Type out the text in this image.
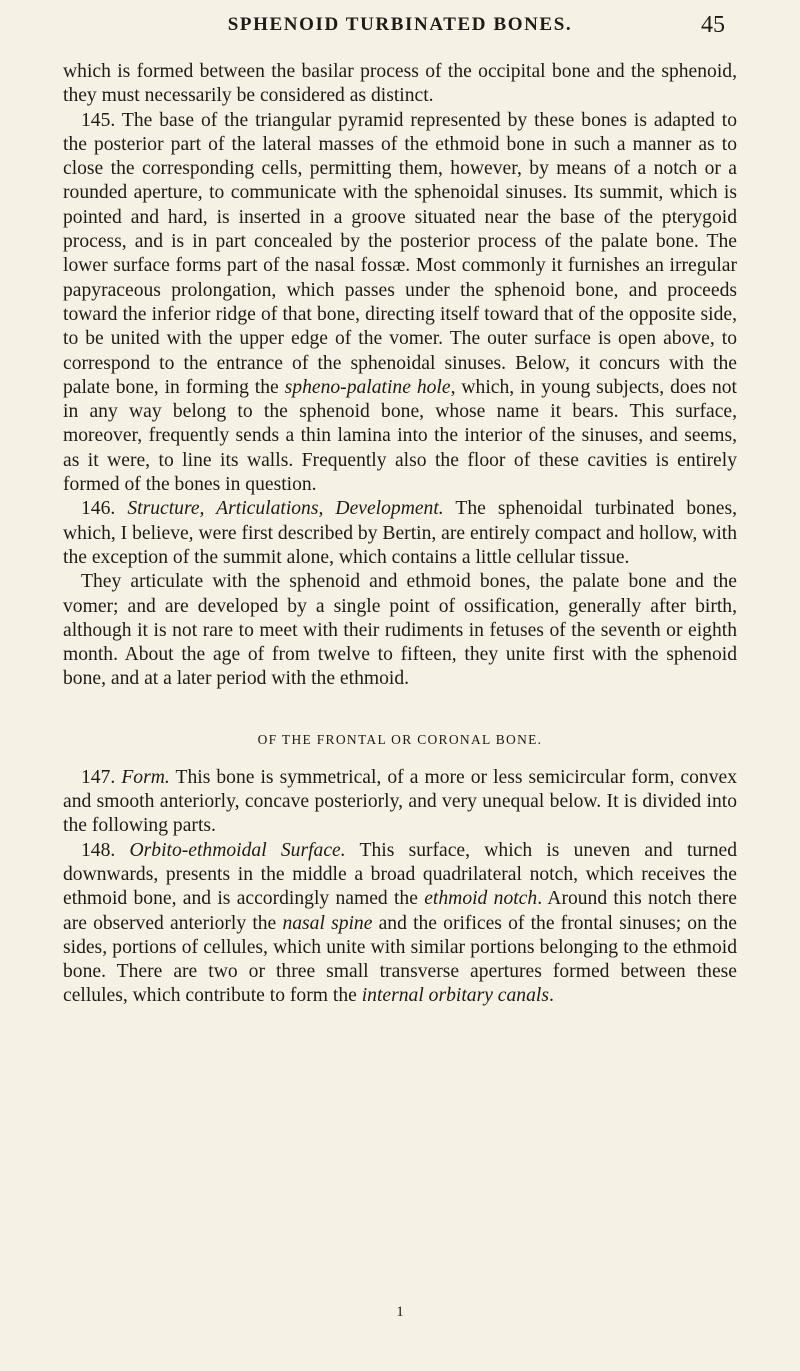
SPHENOID TURBINATED BONES.	45

which is formed between the basilar process of the occipital bone and the sphenoid, they must necessarily be considered as distinct.

145. The base of the triangular pyramid represented by these bones is adapted to the posterior part of the lateral masses of the ethmoid bone in such a manner as to close the corresponding cells, permitting them, however, by means of a notch or a rounded aperture, to communicate with the sphenoidal sinuses. Its summit, which is pointed and hard, is inserted in a groove situated near the base of the pterygoid process, and is in part concealed by the posterior process of the palate bone. The lower surface forms part of the nasal fossæ. Most commonly it furnishes an irregular papyraceous prolongation, which passes under the sphenoid bone, and proceeds toward the inferior ridge of that bone, directing itself toward that of the opposite side, to be united with the upper edge of the vomer. The outer surface is open above, to correspond to the entrance of the sphenoidal sinuses. Below, it concurs with the palate bone, in forming the spheno-palatine hole, which, in young subjects, does not in any way belong to the sphenoid bone, whose name it bears. This surface, moreover, frequently sends a thin lamina into the interior of the sinuses, and seems, as it were, to line its walls. Frequently also the floor of these cavities is entirely formed of the bones in question.

146. Structure, Articulations, Development. The sphenoidal turbinated bones, which, I believe, were first described by Bertin, are entirely compact and hollow, with the exception of the summit alone, which contains a little cellular tissue.

They articulate with the sphenoid and ethmoid bones, the palate bone and the vomer; and are developed by a single point of ossification, generally after birth, although it is not rare to meet with their rudiments in fetuses of the seventh or eighth month. About the age of from twelve to fifteen, they unite first with the sphenoid bone, and at a later period with the ethmoid.

OF THE FRONTAL OR CORONAL BONE.

147. Form. This bone is symmetrical, of a more or less semicircular form, convex and smooth anteriorly, concave posteriorly, and very unequal below. It is divided into the following parts.

148. Orbito-ethmoidal Surface. This surface, which is uneven and turned downwards, presents in the middle a broad quadrilateral notch, which receives the ethmoid bone, and is accordingly named the ethmoid notch. Around this notch there are observed anteriorly the nasal spine and the orifices of the frontal sinuses; on the sides, portions of cellules, which unite with similar portions belonging to the ethmoid bone. There are two or three small transverse apertures formed between these cellules, which contribute to form the internal orbitary canals.

1
